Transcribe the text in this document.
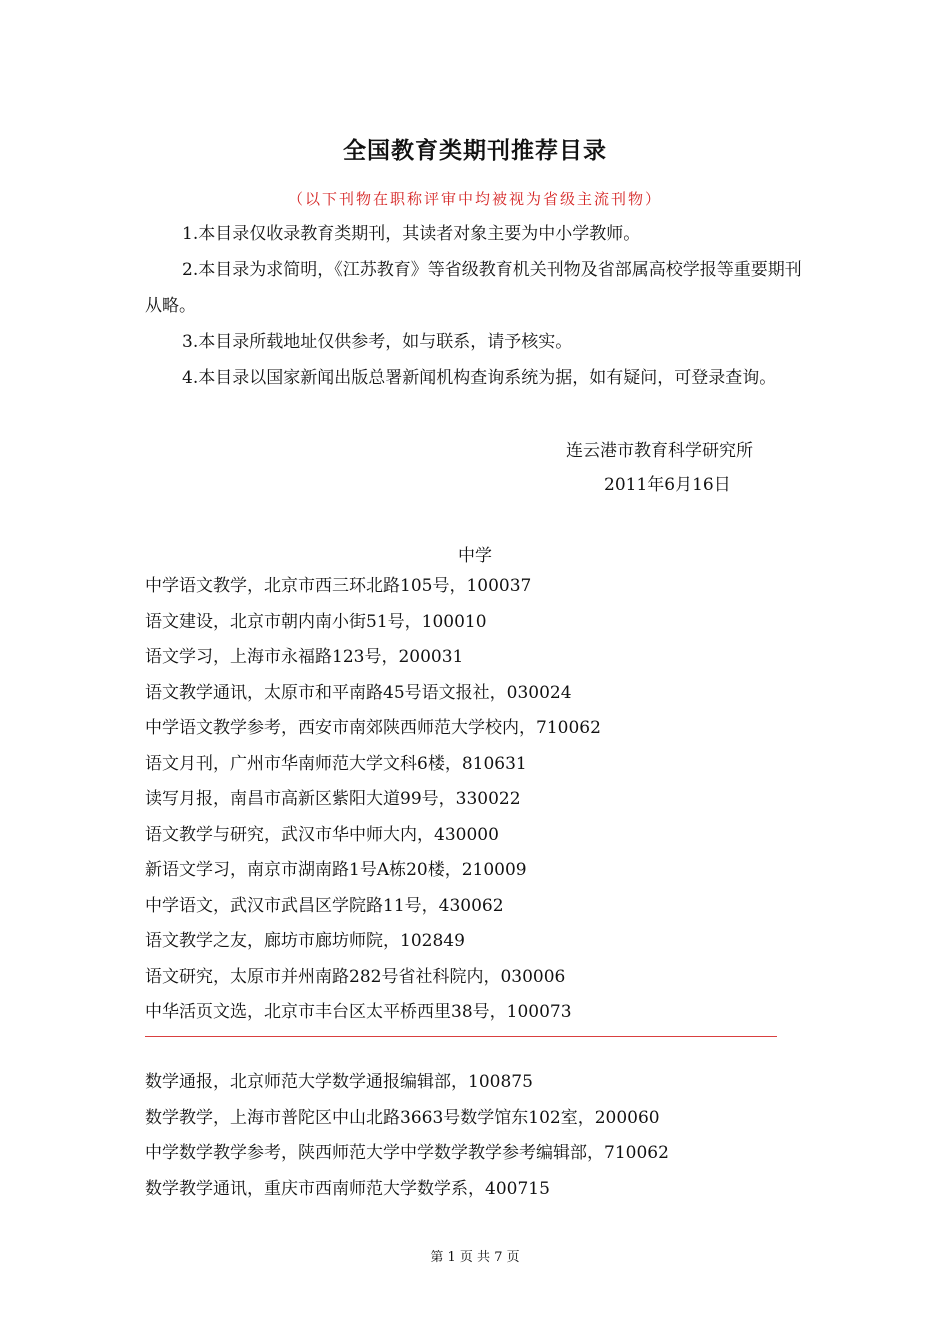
全国教育类期刊推荐目录
（以下刊物在职称评审中均被视为省级主流刊物）

1.本目录仅收录教育类期刊，其读者对象主要为中小学教师。

2.本目录为求简明，《江苏教育》等省级教育机关刊物及省部属高校学报等重要期刊从略。

3.本目录所载地址仅供参考，如与联系，请予核实。

4.本目录以国家新闻出版总署新闻机构查询系统为据，如有疑问，可登录查询。

连云港市教育科学研究所
2011年6月16日
中学
中学语文教学，北京市西三环北路105号，100037
语文建设，北京市朝内南小街51号，100010
语文学习，上海市永福路123号，200031
语文教学通讯，太原市和平南路45号语文报社，030024
中学语文教学参考，西安市南郊陕西师范大学校内，710062
语文月刊，广州市华南师范大学文科6楼，810631
读写月报，南昌市高新区紫阳大道99号，330022
语文教学与研究，武汉市华中师大内，430000
新语文学习，南京市湖南路1号A栋20楼，210009
中学语文，武汉市武昌区学院路11号，430062
语文教学之友，廊坊市廊坊师院，102849
语文研究，太原市并州南路282号省社科院内，030006
中华活页文选，北京市丰台区太平桥西里38号，100073
数学通报，北京师范大学数学通报编辑部，100875
数学教学，上海市普陀区中山北路3663号数学馆东102室，200060
中学数学教学参考，陕西师范大学中学数学教学参考编辑部，710062
数学教学通讯，重庆市西南师范大学数学系，400715
第 1 页 共 7 页
